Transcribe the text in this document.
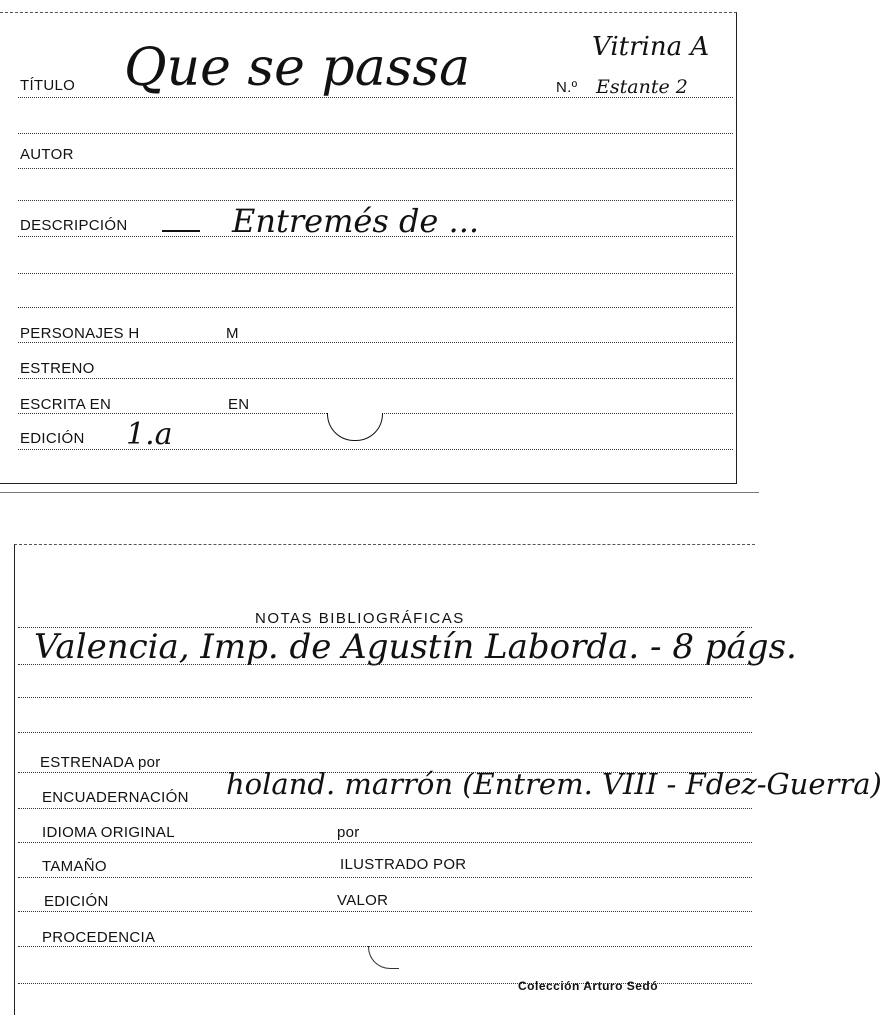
TÍTULO Que se passa	N.º
Vitrina A
Estante 2
AUTOR
DESCRIPCIÓN	Entremés de ...
PERSONAJES H	M
ESTRENO
ESCRITA EN	EN
EDICIÓN 1.a
NOTAS BIBLIOGRÁFICAS
Valencia, Imp. de Agustín Laborda. - 8 págs.
ESTRENADA por
ENCUADERNACIÓN holand. marrón (Entrem. VIII - Fdez-Guerra)
IDIOMA ORIGINAL	por
TAMAÑO	ILUSTRADO POR
EDICIÓN	VALOR
PROCEDENCIA
Colección Arturo Sedó
